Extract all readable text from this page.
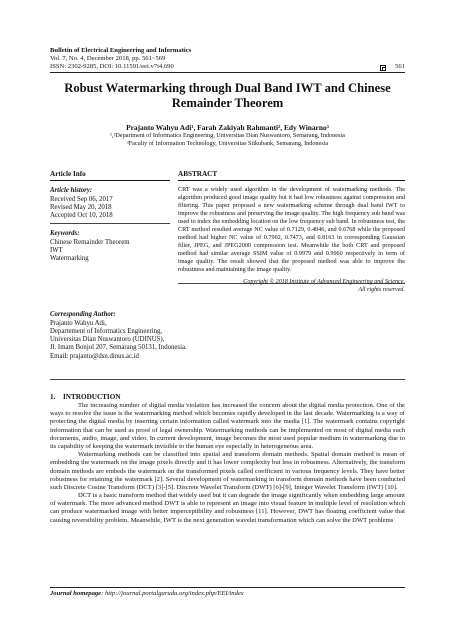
Bulletin of Electrical Engineering and Informatics
Vol. 7, No. 4, December 2018, pp. 561~569
ISSN: 2302-9285, DOI: 10.11591/eei.v7i4.690	561
Robust Watermarking through Dual Band IWT and Chinese Remainder Theorem
Prajanto Wahyu Adi¹, Farah Zakiyah Rahmanti², Edy Winarno³
¹,²Department of Informatics Engineering, Universitas Dian Nuswantoro, Semarang, Indonesia
³Faculty of Information Technology, Universitas Stikubank, Semarang, Indonesia
Article Info
Article history:
Received Sep 06, 2017
Revised May 20, 2018
Accepted Oct 10, 2018
Keywords:
Chinese Remainder Theorem
IWT
Watermarking
ABSTRACT
CRT was a widely used algorithm in the development of watermarking methods. The algorithm produced good image quality but it had low robustness against compression and filtering. This paper proposed a new watermarking scheme through dual band IWT to improve the robustness and preserving the image quality. The high frequency sub band was used to index the embedding location on the low frequency sub band. In robustness test, the CRT method resulted average NC value of 0.7129, 0.4846, and 0.6768 while the proposed method had higher NC value of 0.7902, 0.7473, and 0.8163 in corresponding Gaussian filter, JPEG, and JPEG2000 compression test. Meanwhile the both CRT and proposed method had similar average SSIM value of 0.9979 and 0.9960 respectively in term of image quality. The result showed that the proposed method was able to improve the robustness and maintaining the image quality.
Copyright © 2018 Institute of Advanced Engineering and Science.
All rights reserved.
Corresponding Author:
Prajanto Wahyu Adi,
Departement of Informatics Engineering,
Universitas Dian Nuswantoro (UDINUS),
Jl. Imam Bonjol 207, Semarang 50131, Indonesia.
Email: prajanto@dsn.dinus.ac.id
1. INTRODUCTION

The increasing number of digital media violation has increased the concern about the digital media protection. One of the ways to resolve the issue is the watermarking method which becomes rapidly developed in the last decade. Watermarking is a way of protecting the digital media by inserting certain information called watermark into the media [1]. The watermark contains copyright information that can be used as proof of legal ownership. Watermarking methods can be implemented on most of digital media such documents, audio, image, and video. In current development, image becomes the most used popular medium in watermarking due to its capability of keeping the watermark invisible to the human eye especially in heterogeneous area.

Watermarking methods can be classified into spatial and transform domain methods. Spatial domain method is mean of embedding the watermark on the image pixels directly and it has lower complexity but less in robustness. Alternatively, the transform domain methods are embeds the watermark on the transformed pixels called coefficient in various frequency levels. They have better robustness for retaining the watermark [2]. Several development of watermarking in transform domain methods have been conducted such Discrete Cosine Transform (DCT) [3]-[5]. Discrete Wavelet Transform (DWT) [6]-[9], Integer Wavelet Transform (IWT) [10].

DCT is a basic transform method that widely used but it can degrade the image significantly when embedding large amount of watermark. The more advanced method DWT is able to represent an image into visual feature in multiple level of resolution which can produce watermarked image with better imperceptibility and robustness [11]. However, DWT has floating coefficient value that causing reversibility problem. Meanwhile, IWT is the next generation wavelet transformation which can solve the DWT problems

Journal homepage: http://journal.portalgaruda.org/index.php/EEI/index
